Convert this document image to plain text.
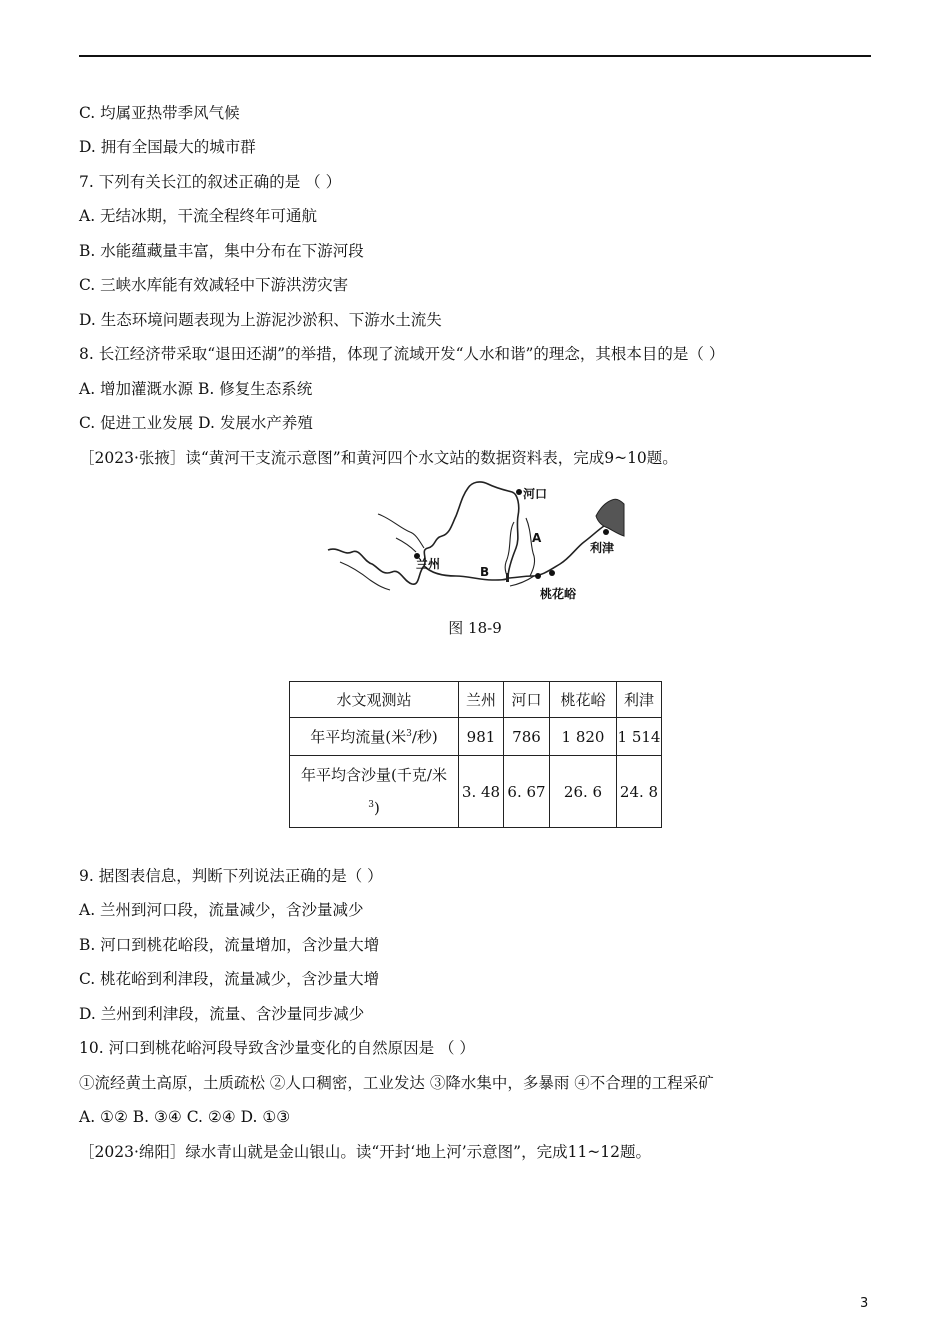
C. 均属亚热带季风气候
D. 拥有全国最大的城市群
7. 下列有关长江的叙述正确的是 （ ）
A. 无结冰期，干流全程终年可通航
B. 水能蕴藏量丰富，集中分布在下游河段
C. 三峡水库能有效减轻中下游洪涝灾害
D. 生态环境问题表现为上游泥沙淤积、下游水土流失
8. 长江经济带采取“退田还湖”的举措，体现了流域开发“人水和谐”的理念，其根本目的是（ ）
A. 增加灌溉水源 B. 修复生态系统
C. 促进工业发展 D. 发展水产养殖
［2023·张掖］读“黄河干支流示意图”和黄河四个水文站的数据资料表，完成9~10题。
河口
兰州
A
B
利津
桃花峪
图 18-9
水文观测站	兰州	河口	桃花峪	利津
年平均流量(米$^3$/秒)	981	786	1 820	1 514

年平均含沙量(千克/米
$^3$)	3. 48	6. 67	26. 6	24. 8
9. 据图表信息，判断下列说法正确的是（ ）
A. 兰州到河口段，流量减少，含沙量减少
B. 河口到桃花峪段，流量增加，含沙量大增
C. 桃花峪到利津段，流量减少，含沙量大增
D. 兰州到利津段，流量、含沙量同步减少
10. 河口到桃花峪河段导致含沙量变化的自然原因是 （ ）
①流经黄土高原，土质疏松 ②人口稠密，工业发达 ③降水集中，多暴雨 ④不合理的工程采矿
A. ①② B. ③④ C. ②④ D. ①③
［2023·绵阳］绿水青山就是金山银山。读“开封‘地上河’示意图”，完成11~12题。
3
